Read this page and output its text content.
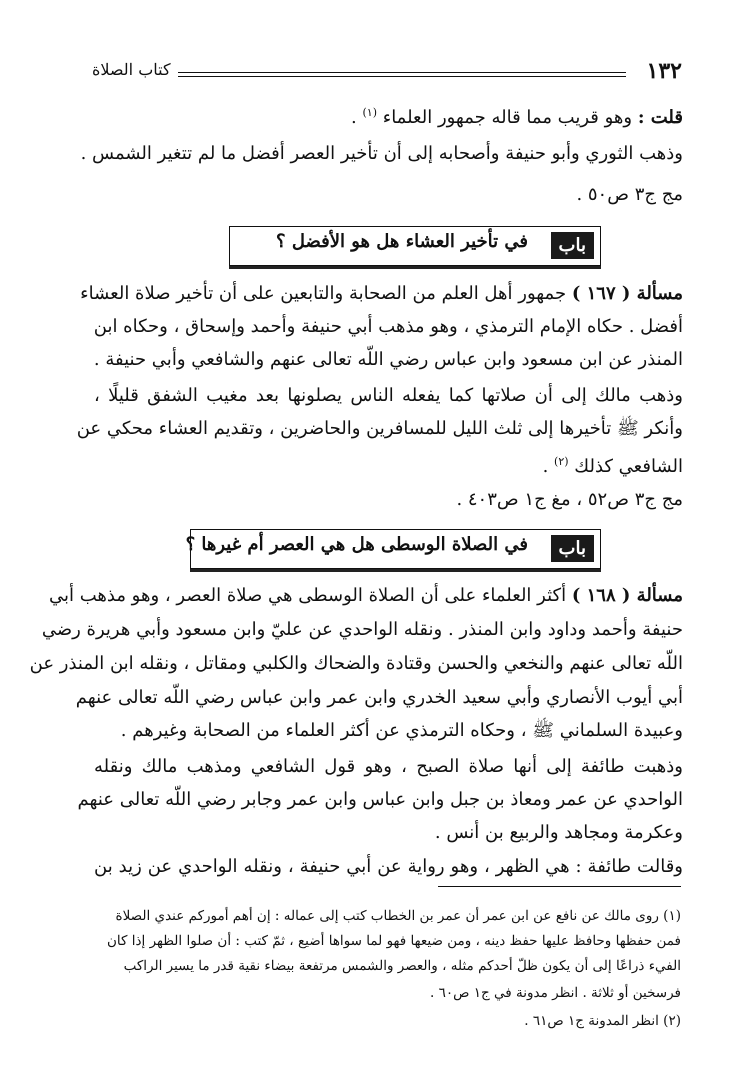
١٣٢
كتاب الصلاة
قلت : وهو قريب مما قاله جمهور العلماء $^{(١)}$ .
وذهب الثوري وأبو حنيفة وأصحابه إلى أن تأخير العصر أفضل ما لم تتغير الشمس .
مج ج٣ ص٥٠ .
باب
في تأخير العشاء هل هو الأفضل ؟
مسألة ( ١٦٧ ) جمهور أهل العلم من الصحابة والتابعين على أن تأخير صلاة العشاء
أفضل . حكاه الإمام الترمذي ، وهو مذهب أبي حنيفة وأحمد وإسحاق ، وحكاه ابن
المنذر عن ابن مسعود وابن عباس رضي اللّه تعالى عنهم والشافعي وأبي حنيفة .
وذهب مالك إلى أن صلاتها كما يفعله الناس يصلونها بعد مغيب الشفق قليلًا ،
وأنكر ﷺ تأخيرها إلى ثلث الليل للمسافرين والحاضرين ، وتقديم العشاء محكي عن
الشافعي كذلك $^{(٢)}$ .
مج ج٣ ص٥٢ ، مغ ج١ ص٤٠٣ .
باب
في الصلاة الوسطى هل هي العصر أم غيرها ؟
مسألة ( ١٦٨ ) أكثر العلماء على أن الصلاة الوسطى هي صلاة العصر ، وهو مذهب أبي
حنيفة وأحمد وداود وابن المنذر . ونقله الواحدي عن عليّ وابن مسعود وأبي هريرة رضي
اللّه تعالى عنهم والنخعي والحسن وقتادة والضحاك والكلبي ومقاتل ، ونقله ابن المنذر عن
أبي أيوب الأنصاري وأبي سعيد الخدري وابن عمر وابن عباس رضي اللّه تعالى عنهم
وعبيدة السلماني ﷺ ، وحكاه الترمذي عن أكثر العلماء من الصحابة وغيرهم .
وذهبت طائفة إلى أنها صلاة الصبح ، وهو قول الشافعي ومذهب مالك ونقله
الواحدي عن عمر ومعاذ بن جبل وابن عباس وابن عمر وجابر رضي اللّه تعالى عنهم
وعكرمة ومجاهد والربيع بن أنس .
وقالت طائفة : هي الظهر ، وهو رواية عن أبي حنيفة ، ونقله الواحدي عن زيد بن
(١) روى مالك عن نافع عن ابن عمر أن عمر بن الخطاب كتب إلى عماله : إن أهم أموركم عندي الصلاة
فمن حفظها وحافظ عليها حفظ دينه ، ومن ضيعها فهو لما سواها أضيع ، ثمّ كتب : أن صلوا الظهر إذا كان
الفيء ذراعًا إلى أن يكون ظلّ أحدكم مثله ، والعصر والشمس مرتفعة بيضاء نقية قدر ما يسير الراكب
فرسخين أو ثلاثة . انظر مدونة في ج١ ص٦٠ .
(٢) انظر المدونة ج١ ص٦١ .
